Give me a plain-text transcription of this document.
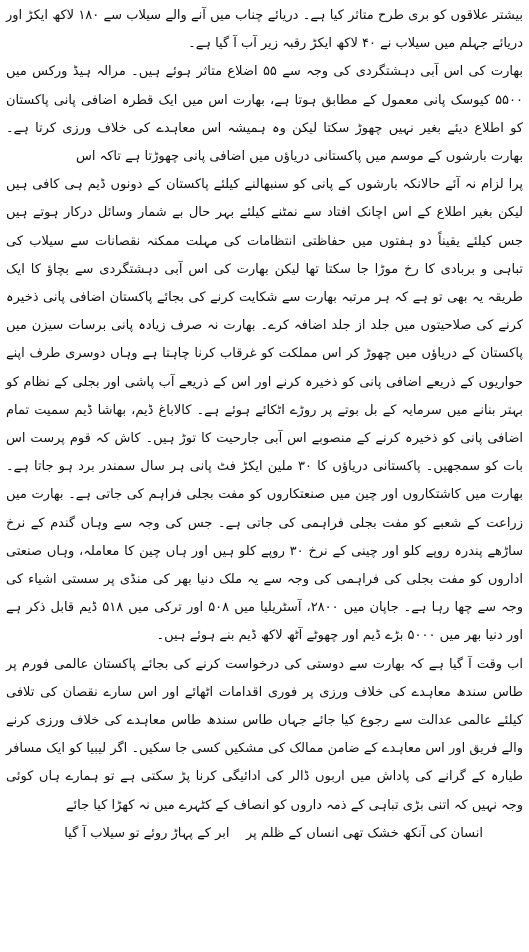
بیشتر علاقوں کو بری طرح متاثر کیا ہے۔ دریائے چناب میں آنے والے سیلاب سے ۱۸۰ لاکھ ایکڑ اور دریائے جہلم میں سیلاب نے ۴۰ لاکھ ایکڑ رقبہ زیر آب آ گیا ہے۔

بھارت کی اس آبی دہشتگردی کی وجہ سے ۵۵ اضلاع متاثر ہوئے ہیں۔ مرالہ ہیڈ ورکس میں ۵۵۰۰ کیوسک پانی معمول کے مطابق ہوتا ہے، بھارت اس میں ایک قطرہ اضافی پانی پاکستان کو اطلاع دیئے بغیر نہیں چھوڑ سکتا لیکن وہ ہمیشہ اس معاہدے کی خلاف ورزی کرتا ہے۔ بھارت بارشوں کے موسم میں پاکستانی دریاؤں میں اضافی پانی چھوڑتا ہے تاکہ اس

پرا لزام نہ آئے حالانکہ بارشوں کے پانی کو سنبھالنے کیلئے پاکستان کے دونوں ڈیم ہی کافی ہیں لیکن بغیر اطلاع کے اس اچانک افتاد سے نمٹنے کیلئے بہر حال بے شمار وسائل درکار ہوتے ہیں جس کیلئے یقیناً دو ہفتوں میں حفاظتی انتظامات کی مہلت ممکنہ نقصانات سے سیلاب کی تباہی و بربادی کا رخ موڑا جا سکتا تھا لیکن بھارت کی اس آبی دہشتگردی سے بچاؤ کا ایک طریقہ یہ بھی تو ہے کہ ہر مرتبہ بھارت سے شکایت کرنے کی بجائے پاکستان اضافی پانی ذخیرہ کرنے کی صلاحیتوں میں جلد از جلد اضافہ کرے۔ بھارت نہ صرف زیادہ پانی برسات سیزن میں پاکستان کے دریاؤں میں چھوڑ کر اس مملکت کو غرقاب کرنا چاہتا ہے وہاں دوسری طرف اپنے حواریوں کے ذریعے اضافی پانی کو ذخیرہ کرنے اور اس کے ذریعے آب پاشی اور بجلی کے نظام کو بہتر بنانے میں سرمایہ کے بل بوتے پر روڑے اٹکائے ہوئے ہے۔ کالاباغ ڈیم، بھاشا ڈیم سمیت تمام اضافی پانی کو ذخیرہ کرنے کے منصوبے اس آبی جارحیت کا توڑ ہیں۔ کاش کہ قوم پرست اس بات کو سمجھیں۔ پاکستانی دریاؤں کا ۳۰ ملین ایکڑ فٹ پانی ہر سال سمندر برد ہو جاتا ہے۔ بھارت میں کاشتکاروں اور چین میں صنعتکاروں کو مفت بجلی فراہم کی جاتی ہے۔ بھارت میں زراعت کے شعبے کو مفت بجلی فراہمی کی جاتی ہے۔ جس کی وجہ سے وہاں گندم کے نرخ ساڑھے پندرہ روپے کلو اور چینی کے نرخ ۳۰ روپے کلو ہیں اور ہاں چین کا معاملہ، وہاں صنعتی اداروں کو مفت بجلی کی فراہمی کی وجہ سے یہ ملک دنیا بھر کی منڈی پر سستی اشیاء کی وجہ سے چھا رہا ہے۔ جاپان میں ۲۸۰۰، آسٹریلیا میں ۵۰۸ اور ترکی میں ۵۱۸ ڈیم قابل ذکر ہے اور دنیا بھر میں ۵۰۰۰ بڑے ڈیم اور چھوٹے آٹھ لاکھ ڈیم بنے ہوئے ہیں۔

اب وقت آ گیا ہے کہ بھارت سے دوستی کی درخواست کرنے کی بجائے پاکستان عالمی فورم پر طاس سندھ معاہدے کی خلاف ورزی پر فوری اقدامات اٹھائے اور اس سارے نقصان کی تلافی کیلئے عالمی عدالت سے رجوع کیا جائے جہاں طاس سندھ طاس معاہدے کی خلاف ورزی کرنے والے فریق اور اس معاہدے کے ضامن ممالک کی مشکیں کسی جا سکیں۔ اگر لیبیا کو ایک مسافر طیارہ کے گرانے کی پاداش میں اربوں ڈالر کی ادائیگی کرنا پڑ سکتی ہے تو ہمارے ہاں کوئی وجہ نہیں کہ اتنی بڑی تباہی کے ذمہ داروں کو انصاف کے کٹہرے میں نہ کھڑا کیا جائے

انسان کی آنکھ خشک تھی انساں کے ظلم پر    ابر کے پہاڑ روئے تو سیلاب آ گیا
